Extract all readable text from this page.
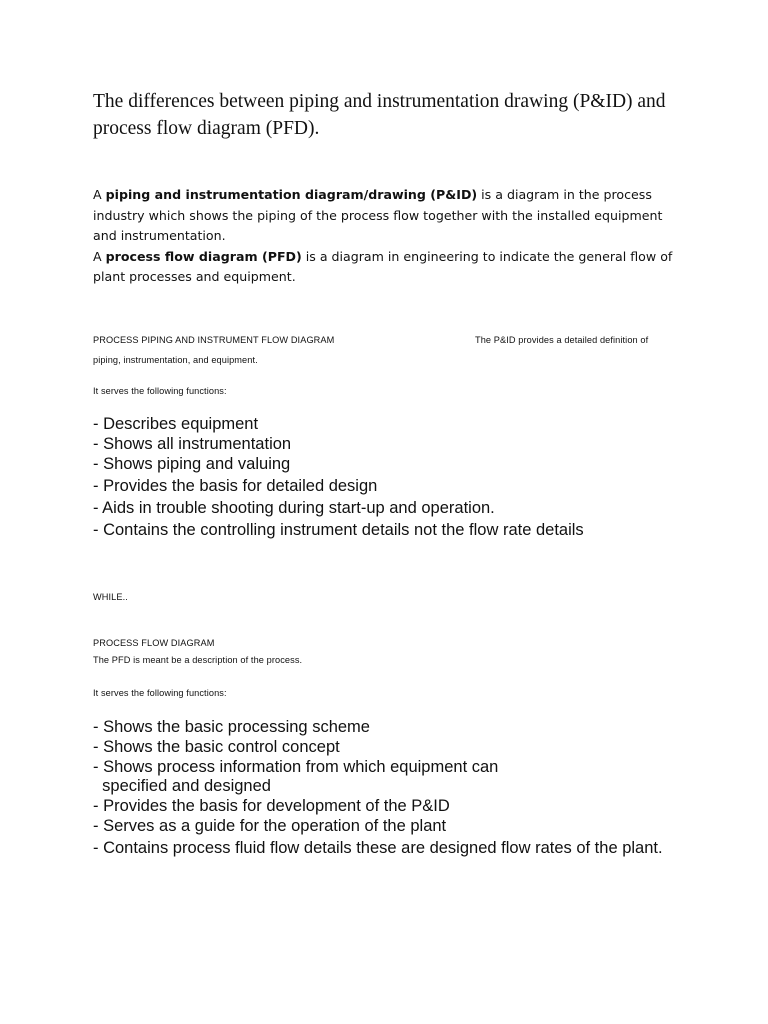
The differences between piping and instrumentation drawing (P&ID) and process flow diagram (PFD).

A piping and instrumentation diagram/drawing (P&ID) is a diagram in the process industry which shows the piping of the process flow together with the installed equipment and instrumentation.

A process flow diagram (PFD) is a diagram in engineering to indicate the general flow of plant processes and equipment.

PROCESS PIPING AND INSTRUMENT FLOW DIAGRAM	The P&ID provides a detailed definition of

piping, instrumentation, and equipment.

It serves the following functions:

- Describes equipment
- Shows all instrumentation
- Shows piping and valuing
- Provides the basis for detailed design
- Aids in trouble shooting during start-up and operation.
- Contains the controlling instrument details not the flow rate details

WHILE..

PROCESS FLOW DIAGRAM

The PFD is meant be a description of the process.

It serves the following functions:

- Shows the basic processing scheme
- Shows the basic control concept
- Shows process information from which equipment can
specified and designed
- Provides the basis for development of the P&ID
- Serves as a guide for the operation of the plant
- Contains process fluid flow details these are designed flow rates of the plant.
